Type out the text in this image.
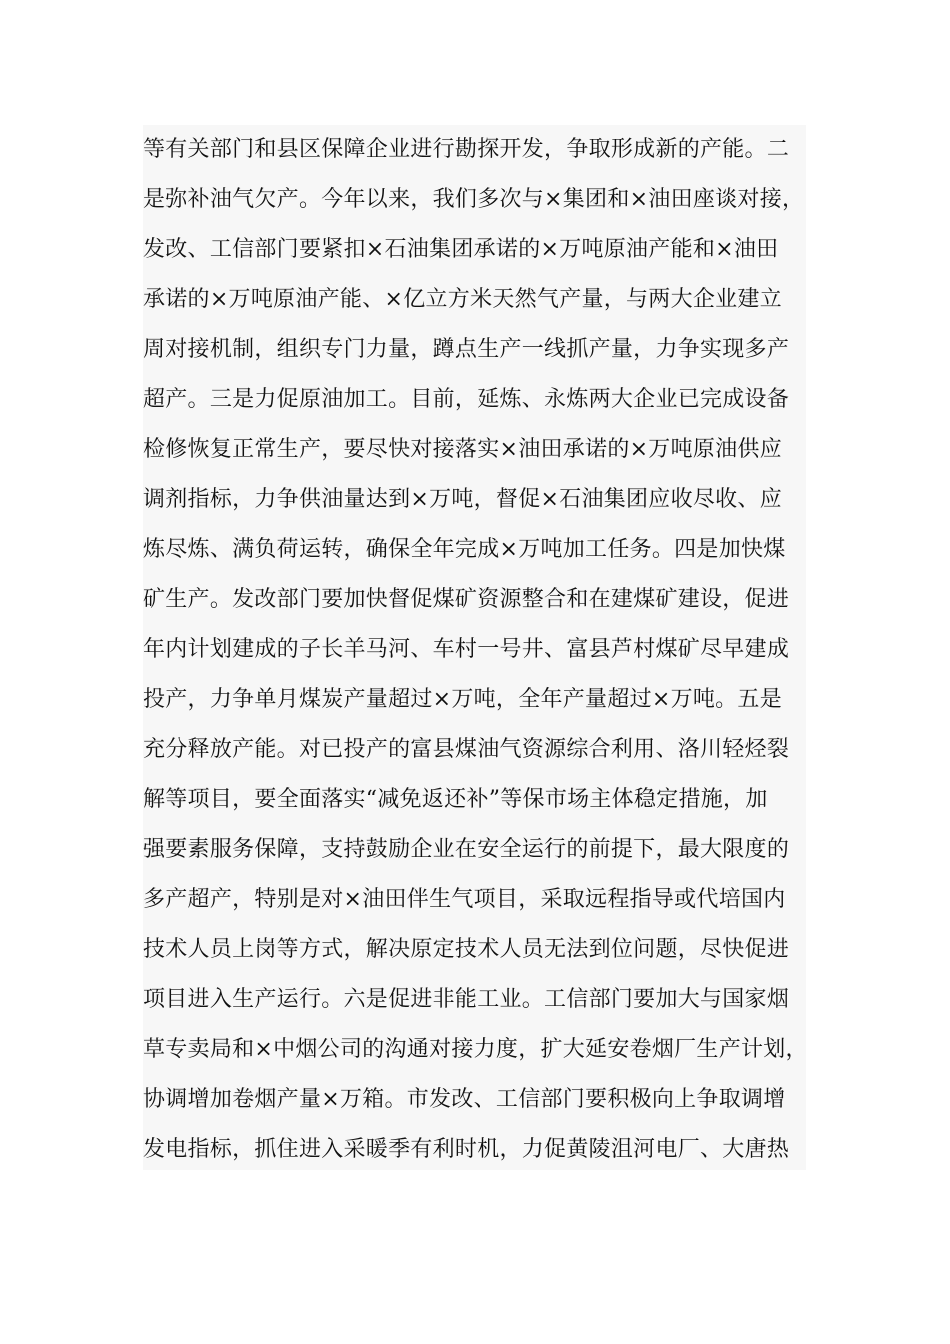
等有关部门和县区保障企业进行勘探开发，争取形成新的产能。二
是弥补油气欠产。今年以来，我们多次与×集团和×油田座谈对接，
发改、工信部门要紧扣×石油集团承诺的×万吨原油产能和×油田
承诺的×万吨原油产能、×亿立方米天然气产量，与两大企业建立
周对接机制，组织专门力量，蹲点生产一线抓产量，力争实现多产
超产。三是力促原油加工。目前，延炼、永炼两大企业已完成设备
检修恢复正常生产，要尽快对接落实×油田承诺的×万吨原油供应
调剂指标，力争供油量达到×万吨，督促×石油集团应收尽收、应
炼尽炼、满负荷运转，确保全年完成×万吨加工任务。四是加快煤
矿生产。发改部门要加快督促煤矿资源整合和在建煤矿建设，促进
年内计划建成的子长羊马河、车村一号井、富县芦村煤矿尽早建成
投产，力争单月煤炭产量超过×万吨，全年产量超过×万吨。五是
充分释放产能。对已投产的富县煤油气资源综合利用、洛川轻烃裂
解等项目，要全面落实“减免返还补”等保市场主体稳定措施，加
强要素服务保障，支持鼓励企业在安全运行的前提下，最大限度的
多产超产，特别是对×油田伴生气项目，采取远程指导或代培国内
技术人员上岗等方式，解决原定技术人员无法到位问题，尽快促进
项目进入生产运行。六是促进非能工业。工信部门要加大与国家烟
草专卖局和×中烟公司的沟通对接力度，扩大延安卷烟厂生产计划，
协调增加卷烟产量×万箱。市发改、工信部门要积极向上争取调增
发电指标，抓住进入采暖季有利时机，力促黄陵沮河电厂、大唐热
